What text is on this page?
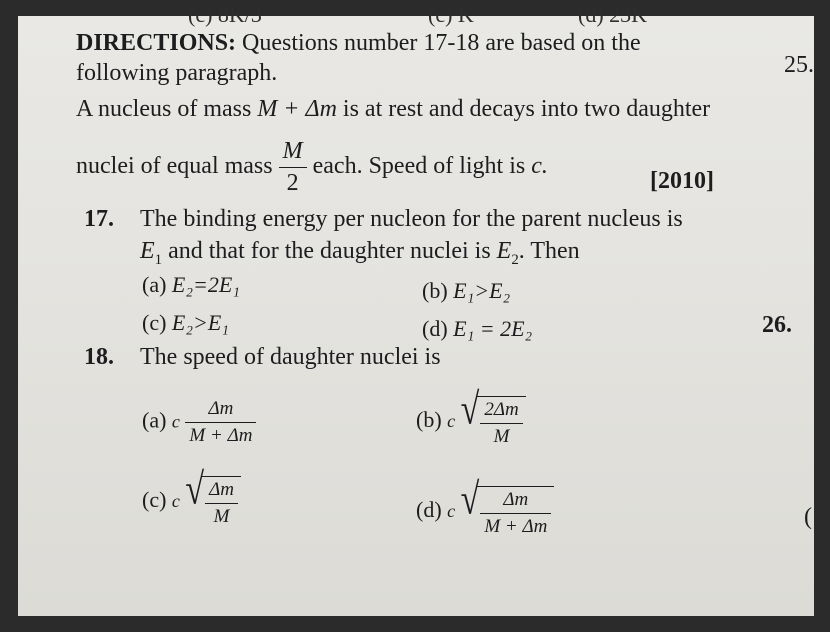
(c) 8K/3	(c) K	(d) 23K
DIRECTIONS: Questions number 17-18 are based on the
following paragraph.
A nucleus of mass M + Δm is at rest and decays into two daughter
nuclei of equal mass $\frac{M}{2}$ each. Speed of light is c.
[2010]
25.
26.
(
17. The binding energy per nucleon for the parent nucleus is
$E_1$ and that for the daughter nuclei is $E_2$. Then
(a) E₂=2E₁	(b) E₁>E₂
(c) E₂>E₁	(d) E₁ = 2E₂
18. The speed of daughter nuclei is
(a) c $\frac{\Delta m}{M + \Delta m}$	(b) c √ $\frac{2\Delta m}{M}$
(c) c √ $\frac{\Delta m}{M}$	(d) c √ $\frac{\Delta m}{M + \Delta m}$
